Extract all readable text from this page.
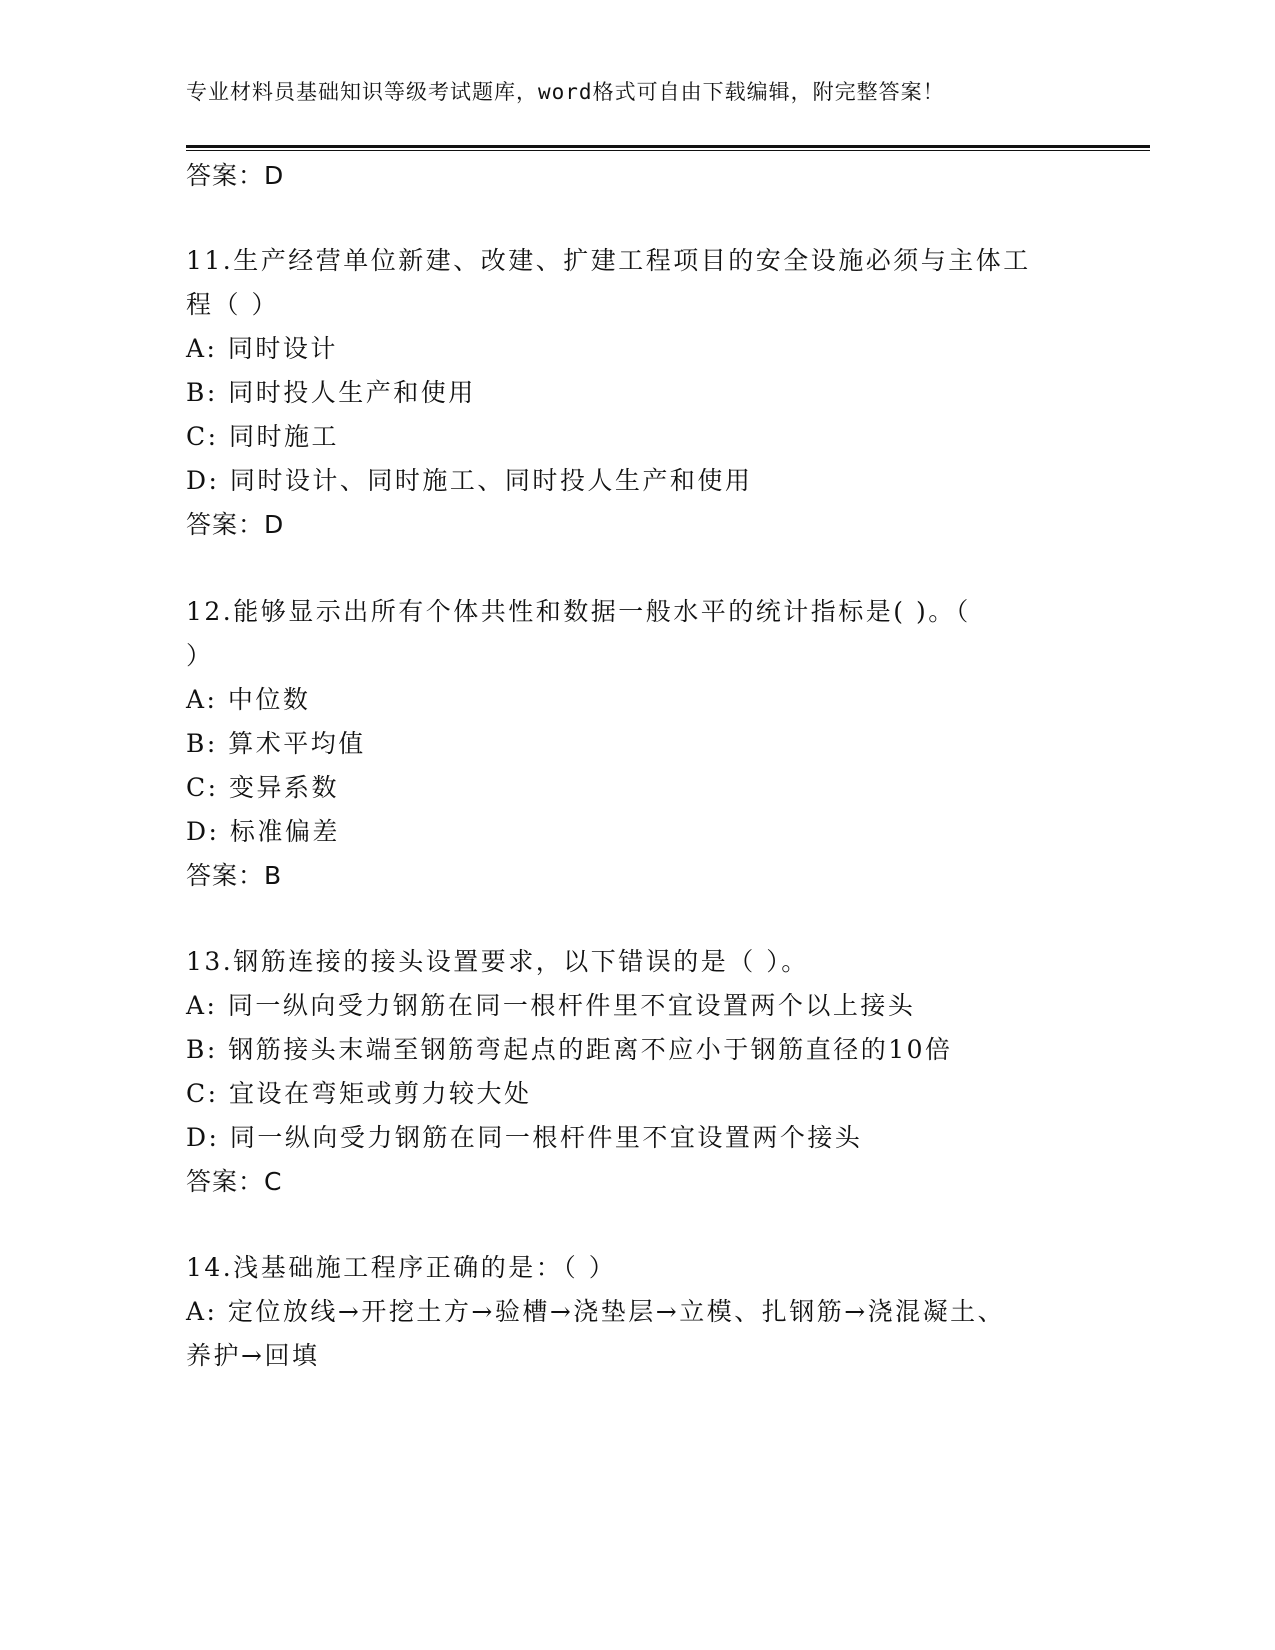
专业材料员基础知识等级考试题库，word格式可自由下载编辑，附完整答案！
答案：D
11.生产经营单位新建、改建、扩建工程项目的安全设施必须与主体工
程（ ）
A: 同时设计
B: 同时投人生产和使用
C: 同时施工
D: 同时设计、同时施工、同时投人生产和使用
答案：D
12.能够显示出所有个体共性和数据一般水平的统计指标是( )。（
）
A: 中位数
B: 算术平均值
C: 变异系数
D: 标准偏差
答案：B
13.钢筋连接的接头设置要求，以下错误的是（ ）。
A: 同一纵向受力钢筋在同一根杆件里不宜设置两个以上接头
B: 钢筋接头末端至钢筋弯起点的距离不应小于钢筋直径的10倍
C: 宜设在弯矩或剪力较大处
D: 同一纵向受力钢筋在同一根杆件里不宜设置两个接头
答案：C
14.浅基础施工程序正确的是：（ ）
A: 定位放线→开挖土方→验槽→浇垫层→立模、扎钢筋→浇混凝土、
养护→回填
